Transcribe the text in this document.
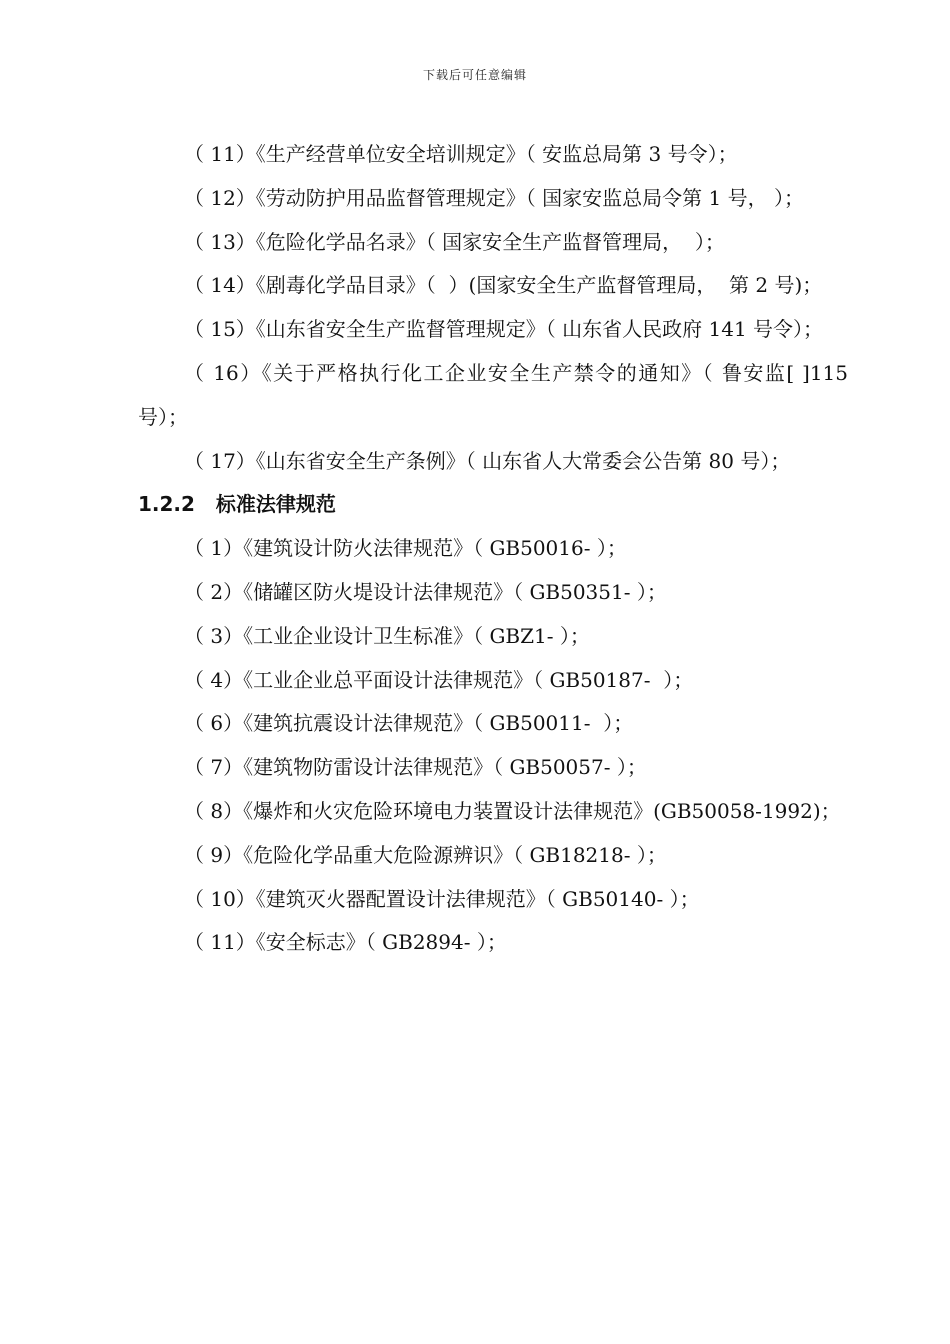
下载后可任意编辑

（ 11）《生产经营单位安全培训规定》（ 安监总局第 3 号令）；

（ 12）《劳动防护用品监督管理规定》（ 国家安监总局令第 1 号， ）；

（ 13）《危险化学品名录》（ 国家安全生产监督管理局，  ）；

（ 14）《剧毒化学品目录》（  ）(国家安全生产监督管理局，  第 2 号)；

（ 15）《山东省安全生产监督管理规定》（ 山东省人民政府 141 号令）；

（ 16）《关于严格执行化工企业安全生产禁令的通知》（ 鲁安监[ ]115 号）；

（ 17）《山东省安全生产条例》（ 山东省人大常委会公告第 80 号）；

1.2.2 标准法律规范

（ 1）《建筑设计防火法律规范》（ GB50016- ）；

（ 2）《储罐区防火堤设计法律规范》（ GB50351- ）；

（ 3）《工业企业设计卫生标准》（ GBZ1- ）；

（ 4）《工业企业总平面设计法律规范》（ GB50187-  ）；

（ 6）《建筑抗震设计法律规范》（ GB50011-  ）；

（ 7）《建筑物防雷设计法律规范》（ GB50057- ）；

（ 8）《爆炸和火灾危险环境电力装置设计法律规范》(GB50058-1992)；

（ 9）《危险化学品重大危险源辨识》（ GB18218- ）；

（ 10）《建筑灭火器配置设计法律规范》（ GB50140- ）；

（ 11）《安全标志》（ GB2894- ）；
